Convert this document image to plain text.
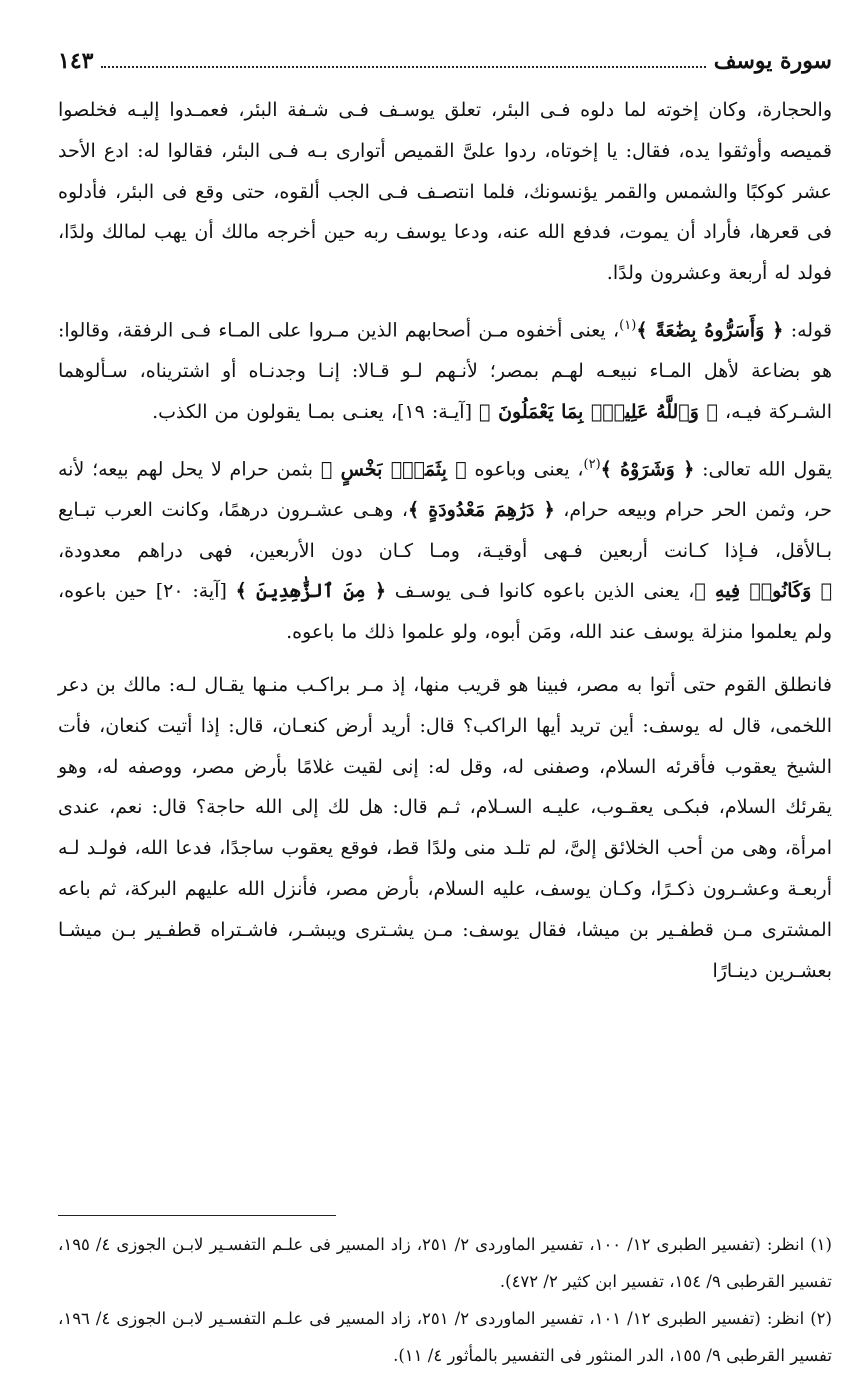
سورة يوسف
١٤٣

والحجارة، وكان إخوته لما دلوه فـى البئر، تعلق يوسـف فـى شـفة البئر، فعمـدوا إليـه فخلصوا قميصه وأوثقوا يده، فقال: يا إخوتاه، ردوا علىَّ القميص أتوارى بـه فـى البئر، فقالوا له: ادع الأحد عشر كوكبًا والشمس والقمر يؤنسونك، فلما انتصـف فـى الجب ألقوه، حتى وقع فى البئر، فأدلوه فى قعرها، فأراد أن يموت، فدفع الله عنه، ودعا يوسف ربه حين أخرجه مالك أن يهب لمالك ولدًا، فولد له أربعة وعشرون ولدًا.

قوله: ﴿ وَأَسَرُّوهُ بِضَٰعَةً ﴾$^{(١)}$، يعنى أخفوه مـن أصحابهم الذين مـروا على المـاء فـى الرفقة، وقالوا: هو بضاعة لأهل المـاء نبيعـه لهـم بمصر؛ لأنـهم لـو قـالا: إنـا وجدنـاه أو اشتريناه، سـألوهما الشـركة فيـه، ﴿ وَٱللَّهُ عَلِيمٌۢ بِمَا يَعْمَلُونَ ﴾ [آيـة: ١٩]، يعنـى بمـا يقولون من الكذب.

يقول الله تعالى: ﴿ وَشَرَوْهُ ﴾$^{(٢)}$، يعنى وباعوه ﴿ بِثَمَنٍۭ بَخْسٍ ﴾ بثمن حرام لا يحل لهم بيعه؛ لأنه حر، وثمن الحر حرام وبيعه حرام، ﴿ دَرَٰهِمَ مَعْدُودَةٍ ﴾، وهـى عشـرون درهمًا، وكانت العرب تبـايع بـالأقل، فـإذا كـانت أربعين فـهى أوقيـة، ومـا كـان دون الأربعين، فهى دراهم معدودة، ﴿ وَكَانُوا۟ فِيهِ ﴾، يعنى الذين باعوه كانوا فـى يوسـف ﴿ مِنَ ٱلزَّٰهِدِينَ ﴾ [آية: ٢٠] حين باعوه، ولم يعلموا منزلة يوسف عند الله، ومَن أبوه، ولو علموا ذلك ما باعوه.

فانطلق القوم حتى أتوا به مصر، فبينا هو قريب منها، إذ مـر براكـب منـها يقـال لـه: مالك بن دعر اللخمى، قال له يوسف: أين تريد أيها الراكب؟ قال: أريد أرض كنعـان، قال: إذا أتيت كنعان، فأت الشيخ يعقوب فأقرئه السلام، وصفنى له، وقل له: إنى لقيت غلامًا بأرض مصر، ووصفه له، وهو يقرئك السلام، فبكـى يعقـوب، عليـه السـلام، ثـم قال: هل لك إلى الله حاجة؟ قال: نعم، عندى امرأة، وهى من أحب الخلائق إلىَّ، لم تلـد منى ولدًا قط، فوقع يعقوب ساجدًا، فدعا الله، فولـد لـه أربعـة وعشـرون ذكـرًا، وكـان يوسف، عليه السلام، بأرض مصر، فأنزل الله عليهم البركة، ثم باعه المشترى مـن قطفـير بن ميشا، فقال يوسف: مـن يشـترى ويبشـر، فاشـتراه قطفـير بـن ميشـا بعشـرين دينـارًا

(١) انظر: (تفسير الطبرى ١٢/ ١٠٠، تفسير الماوردى ٢/ ٢٥١، زاد المسير فى علـم التفسـير لابـن الجوزى ٤/ ١٩٥، تفسير القرطبى ٩/ ١٥٤، تفسير ابن كثير ٢/ ٤٧٢).
(٢) انظر: (تفسير الطبرى ١٢/ ١٠١، تفسير الماوردى ٢/ ٢٥١، زاد المسير فى علـم التفسـير لابـن الجوزى ٤/ ١٩٦، تفسير القرطبى ٩/ ١٥٥، الدر المنثور فى التفسير بالمأثور ٤/ ١١).
